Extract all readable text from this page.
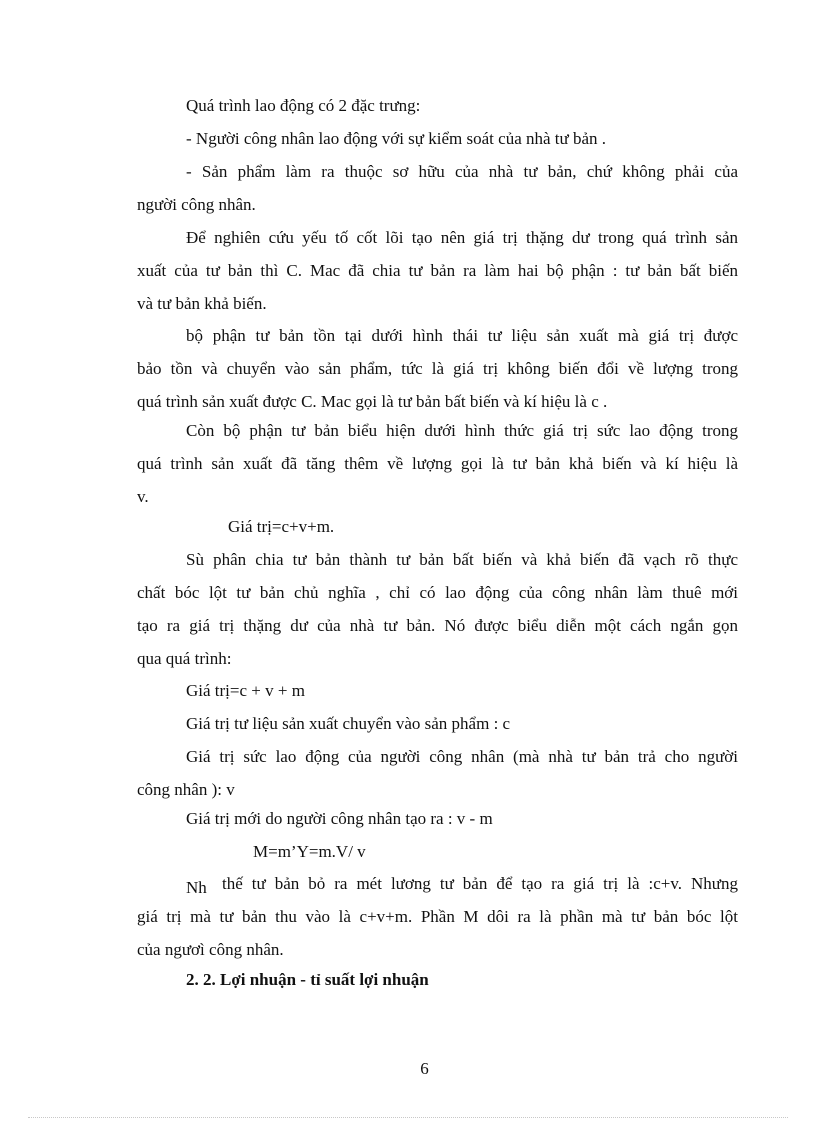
Quá trình lao động có 2 đặc trưng:
- Người công nhân lao động với sự kiểm soát của nhà tư bản .
- Sản phẩm làm ra thuộc sơ hữu của nhà tư bản, chứ không phải của
người công nhân.
Để nghiên cứu yếu tố cốt lõi tạo nên giá trị thặng dư trong quá trình sản
xuất của tư bản thì C. Mac đã chia tư bản ra làm hai bộ phận : tư bản bất biến
và tư bản khả biến.
bộ phận tư bản tồn tại dưới hình thái tư liệu sản xuất mà giá trị được
bảo tồn và chuyển vào sản phẩm, tức là giá trị không biến đổi về lượng trong
quá trình sản xuất được C. Mac gọi là tư bản bất biến và kí hiệu là c .
Còn bộ phận tư bản biểu hiện dưới hình thức giá trị sức lao động trong
quá trình sản xuất đã tăng thêm về lượng gọi là tư bản khả biến và kí hiệu là
v.
Giá trị=c+v+m.
Sù phân chia tư bản thành tư bản bất biến và khả biến đã vạch rõ thực
chất bóc lột tư bản chủ nghĩa , chỉ có lao động của công nhân làm thuê mới
tạo ra giá trị thặng dư của nhà tư bản. Nó được biểu diễn một cách ngắn gọn
qua quá trình:
Giá trị=c + v + m
Giá trị tư liệu sản xuất chuyển vào sản phẩm : c
Giá trị sức lao động của người công nhân (mà nhà tư bản trả cho người
công nhân ): v
Giá trị mới do người công nhân tạo ra : v - m
M=m’Y=m.V/ v
Nh thế tư bản bỏ ra mét lương tư bản để tạo ra giá trị là :c+v. Nhưng
giá trị mà tư bản thu vào là c+v+m. Phần M dôi ra là phần mà tư bản bóc lột
của ngươì công nhân.
2. 2. Lợi nhuận - tỉ suất lợi nhuận
6
